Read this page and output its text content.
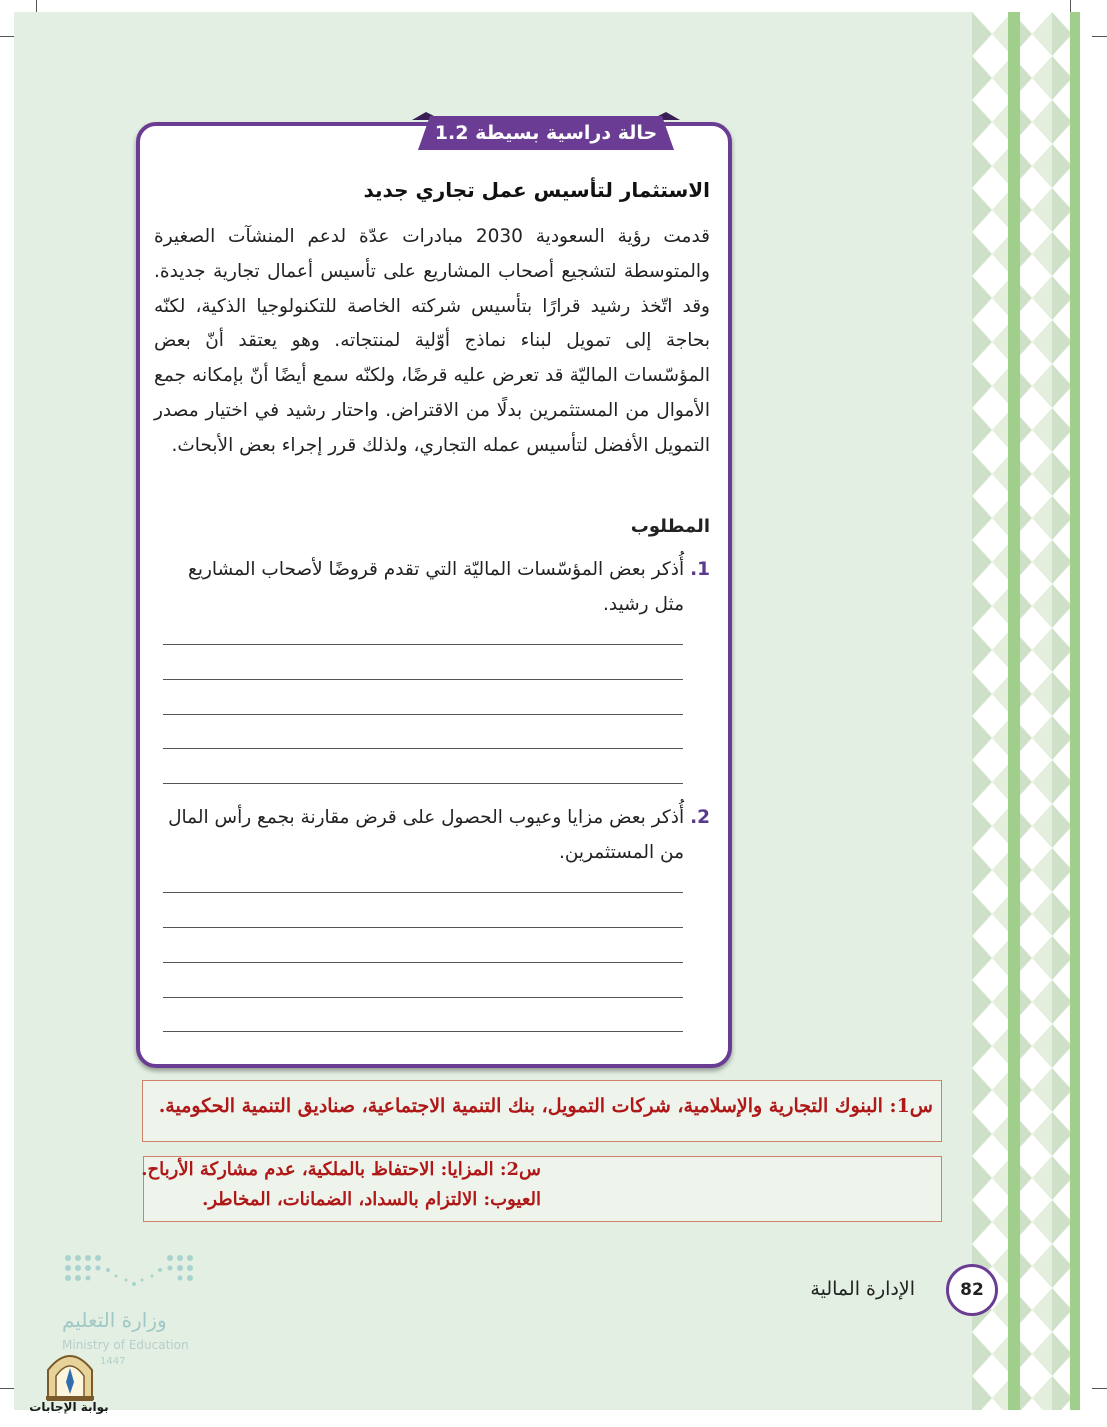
حالة دراسية بسيطة 1.2
الاستثمار لتأسيس عمل تجاري جديد
قدمت رؤية السعودية 2030 مبادرات عدّة لدعم المنشآت الصغيرة والمتوسطة لتشجيع أصحاب المشاريع على تأسيس أعمال تجارية جديدة. وقد اتّخذ رشيد قرارًا بتأسيس شركته الخاصة للتكنولوجيا الذكية، لكنّه بحاجة إلى تمويل لبناء نماذج أوّلية لمنتجاته. وهو يعتقد أنّ بعض المؤسّسات الماليّة قد تعرض عليه قرضًا، ولكنّه سمع أيضًا أنّ بإمكانه جمع الأموال من المستثمرين بدلًا من الاقتراض. واحتار رشيد في اختيار مصدر التمويل الأفضل لتأسيس عمله التجاري، ولذلك قرر إجراء بعض الأبحاث.
المطلوب
1.أُذكر بعض المؤسّسات الماليّة التي تقدم قروضًا لأصحاب المشاريع
مثل رشيد.
2.أُذكر بعض مزايا وعيوب الحصول على قرض مقارنة بجمع رأس المال
من المستثمرين.
س1: البنوك التجارية والإسلامية، شركات التمويل، بنك التنمية الاجتماعية، صناديق التنمية الحكومية.
س2: المزايا: الاحتفاظ بالملكية، عدم مشاركة الأرباح.
العيوب: الالتزام بالسداد، الضمانات، المخاطر.
الإدارة المالية	82
وزارة التعليم
Ministry of Education
1447
بوابة الإجابات
